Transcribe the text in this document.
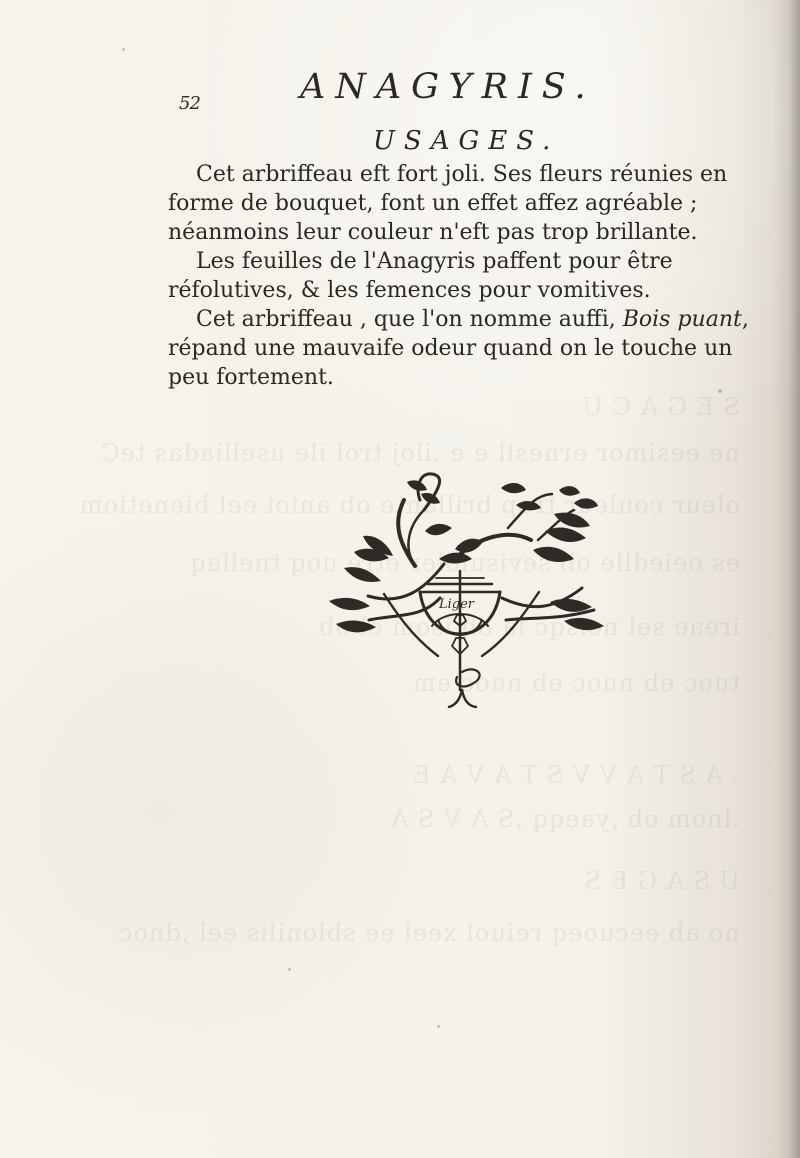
S E G A C U
ne eesimor ernesll e e .iloj trol ile uselliadas teC
oleur couleur trop brillante ob anioi eel bienetiom
es oeiedlle ob sevisuloler etre uoq tnellaq
ireae sel noisqc la ob isom el ob
tuoc eb nuoc eb nuoc em
. A S T A V V S T A V A E
.lnom ob ,yaeqq ,S A V S A
U S A G E S
no ab eecuoeq reiuol xeel ee sblonilis eel ,dnoc
52	ANAGYRIS.
USAGES.

Cet arbriffeau eft fort joli. Ses fleurs réunies en forme de bouquet, font un effet affez agréable ; néanmoins leur couleur n'eft pas trop brillante.

Les feuilles de l'Anagyris paffent pour être réfolutives, & les femences pour vomitives.

Cet arbriffeau , que l'on nomme auffi, Bois puant, répand une mauvaife odeur quand on le touche un peu fortement.

Liger
